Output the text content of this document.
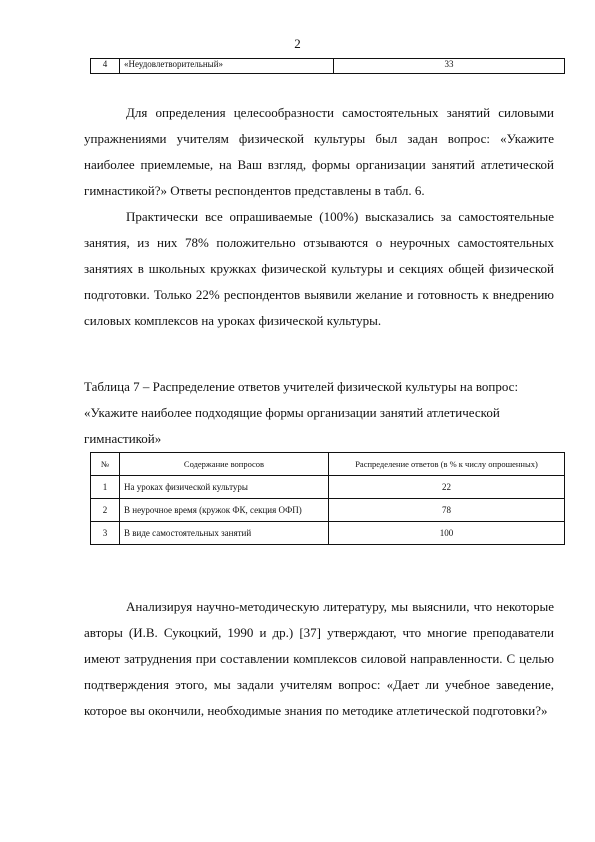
2
4	«Неудовлетворительный»	33

Для определения целесообразности самостоятельных занятий силовыми упражнениями учителям физической культуры был задан вопрос: «Укажите наиболее приемлемые, на Ваш взгляд, формы организации занятий атлетической гимнастикой?» Ответы респондентов представлены в табл. 6.

Практически все опрашиваемые (100%) высказались за самостоятельные занятия, из них 78% положительно отзываются о неурочных самостоятельных занятиях в школьных кружках физической культуры и секциях общей физической подготовки. Только 22% респондентов выявили желание и готовность к внедрению силовых комплексов на уроках физической культуры.

Таблица 7 – Распределение ответов учителей физической культуры на вопрос: «Укажите наиболее подходящие формы организации занятий атлетической гимнастикой»

№	Содержание вопросов	Распределение ответов (в % к числу опрошенных)
1	На уроках физической культуры	22
2	В неурочное время (кружок ФК, секция ОФП)	78
3	В виде самостоятельных занятий	100

Анализируя научно-методическую литературу, мы выяснили, что некоторые авторы (И.В. Сукоцкий, 1990 и др.) [37] утверждают, что многие преподаватели имеют затруднения при составлении комплексов силовой направленности. С целью подтверждения этого, мы задали учителям вопрос: «Дает ли учебное заведение, которое вы окончили, необходимые знания по методике атлетической подготовки?»
